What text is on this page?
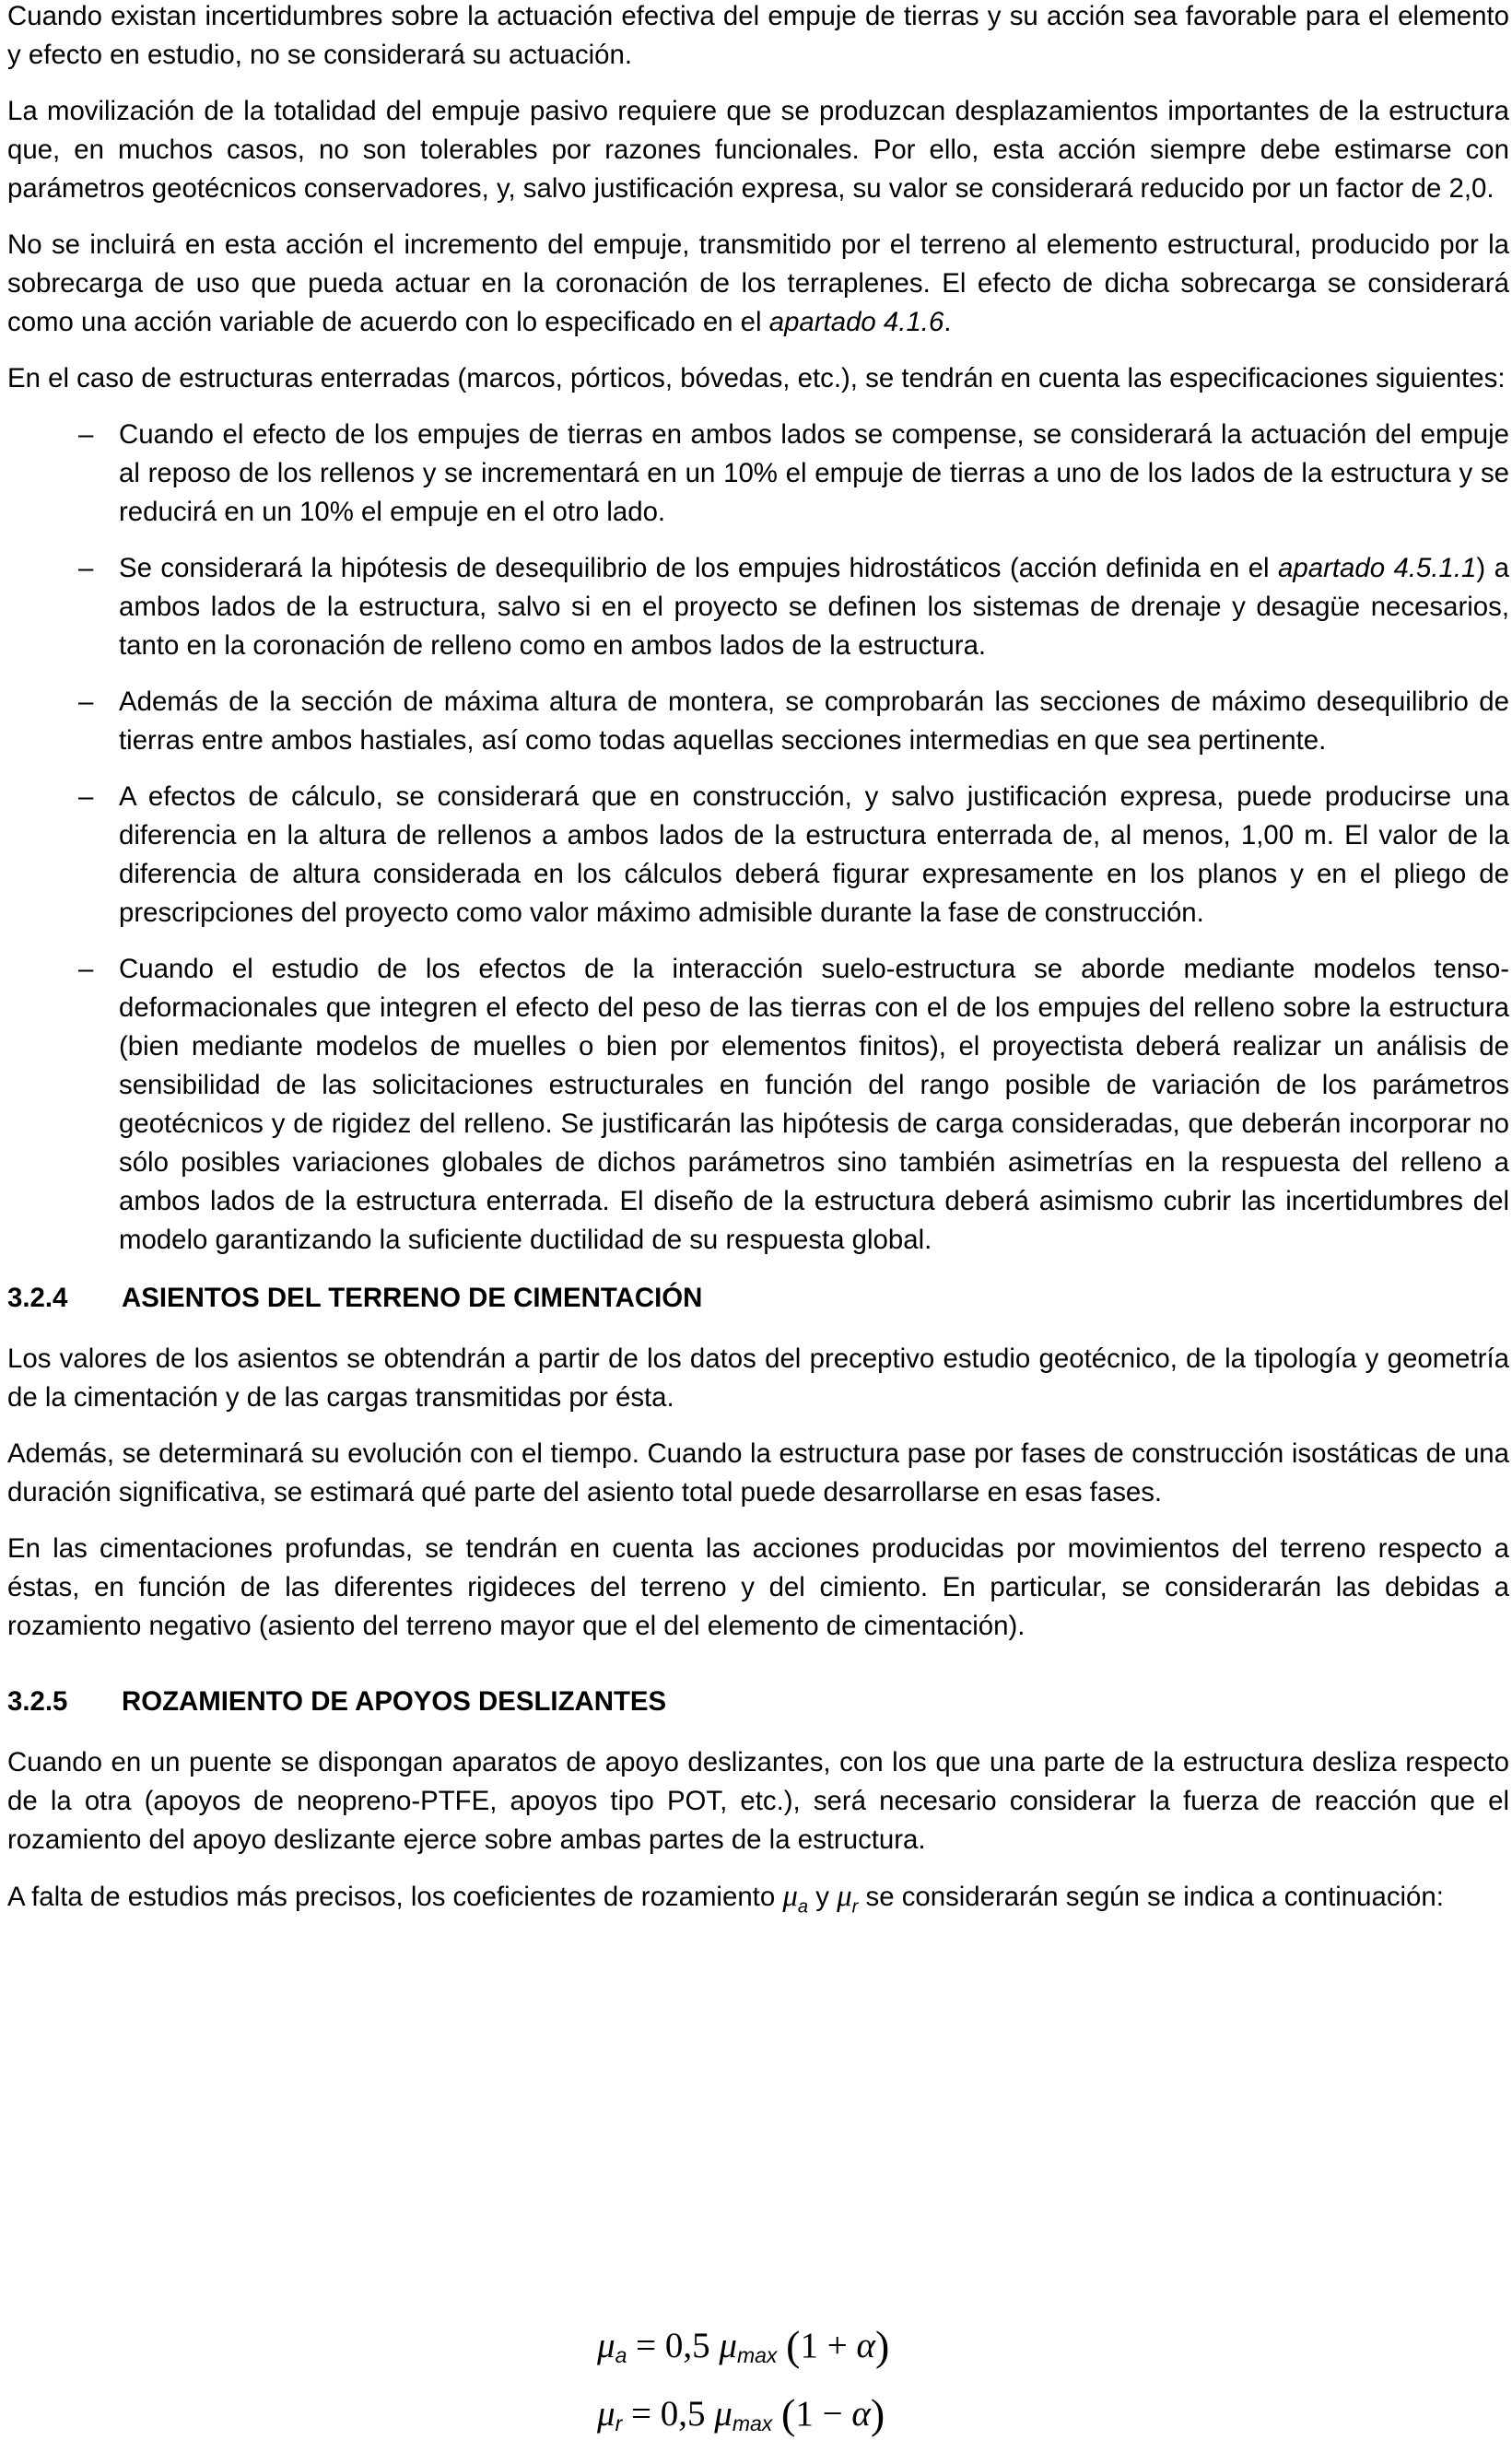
Cuando existan incertidumbres sobre la actuación efectiva del empuje de tierras y su acción sea favorable para el elemento y efecto en estudio, no se considerará su actuación.

La movilización de la totalidad del empuje pasivo requiere que se produzcan desplazamientos importantes de la estructura que, en muchos casos, no son tolerables por razones funcionales. Por ello, esta acción siempre debe estimarse con parámetros geotécnicos conservadores, y, salvo justificación expresa, su valor se considerará reducido por un factor de 2,0.

No se incluirá en esta acción el incremento del empuje, transmitido por el terreno al elemento estructural, producido por la sobrecarga de uso que pueda actuar en la coronación de los terraplenes. El efecto de dicha sobrecarga se considerará como una acción variable de acuerdo con lo especificado en el apartado 4.1.6.

En el caso de estructuras enterradas (marcos, pórticos, bóvedas, etc.), se tendrán en cuenta las especificaciones siguientes:

– Cuando el efecto de los empujes de tierras en ambos lados se compense, se considerará la actuación del empuje al reposo de los rellenos y se incrementará en un 10% el empuje de tierras a uno de los lados de la estructura y se reducirá en un 10% el empuje en el otro lado.
– Se considerará la hipótesis de desequilibrio de los empujes hidrostáticos (acción definida en el apartado 4.5.1.1) a ambos lados de la estructura, salvo si en el proyecto se definen los sistemas de drenaje y desagüe necesarios, tanto en la coronación de relleno como en ambos lados de la estructura.
– Además de la sección de máxima altura de montera, se comprobarán las secciones de máximo desequilibrio de tierras entre ambos hastiales, así como todas aquellas secciones intermedias en que sea pertinente.
– A efectos de cálculo, se considerará que en construcción, y salvo justificación expresa, puede producirse una diferencia en la altura de rellenos a ambos lados de la estructura enterrada de, al menos, 1,00 m. El valor de la diferencia de altura considerada en los cálculos deberá figurar expresamente en los planos y en el pliego de prescripciones del proyecto como valor máximo admisible durante la fase de construcción.
– Cuando el estudio de los efectos de la interacción suelo-estructura se aborde mediante modelos tenso-deformacionales que integren el efecto del peso de las tierras con el de los empujes del relleno sobre la estructura (bien mediante modelos de muelles o bien por elementos finitos), el proyectista deberá realizar un análisis de sensibilidad de las solicitaciones estructurales en función del rango posible de variación de los parámetros geotécnicos y de rigidez del relleno. Se justificarán las hipótesis de carga consideradas, que deberán incorporar no sólo posibles variaciones globales de dichos parámetros sino también asimetrías en la respuesta del relleno a ambos lados de la estructura enterrada. El diseño de la estructura deberá asimismo cubrir las incertidumbres del modelo garantizando la suficiente ductilidad de su respuesta global.
3.2.4 ASIENTOS DEL TERRENO DE CIMENTACIÓN

Los valores de los asientos se obtendrán a partir de los datos del preceptivo estudio geotécnico, de la tipología y geometría de la cimentación y de las cargas transmitidas por ésta.

Además, se determinará su evolución con el tiempo. Cuando la estructura pase por fases de construcción isostáticas de una duración significativa, se estimará qué parte del asiento total puede desarrollarse en esas fases.

En las cimentaciones profundas, se tendrán en cuenta las acciones producidas por movimientos del terreno respecto a éstas, en función de las diferentes rigideces del terreno y del cimiento. En particular, se considerarán las debidas a rozamiento negativo (asiento del terreno mayor que el del elemento de cimentación).

3.2.5 ROZAMIENTO DE APOYOS DESLIZANTES

Cuando en un puente se dispongan aparatos de apoyo deslizantes, con los que una parte de la estructura desliza respecto de la otra (apoyos de neopreno-PTFE, apoyos tipo POT, etc.), será necesario considerar la fuerza de reacción que el rozamiento del apoyo deslizante ejerce sobre ambas partes de la estructura.

A falta de estudios más precisos, los coeficientes de rozamiento $\mu_a$ y $\mu_r$ se considerarán según se indica a continuación:

$\mu_a = 0,5$ $\mu_{max}$ (1 + α)
$\mu_r = 0,5$ $\mu_{max}$ (1 − α)
